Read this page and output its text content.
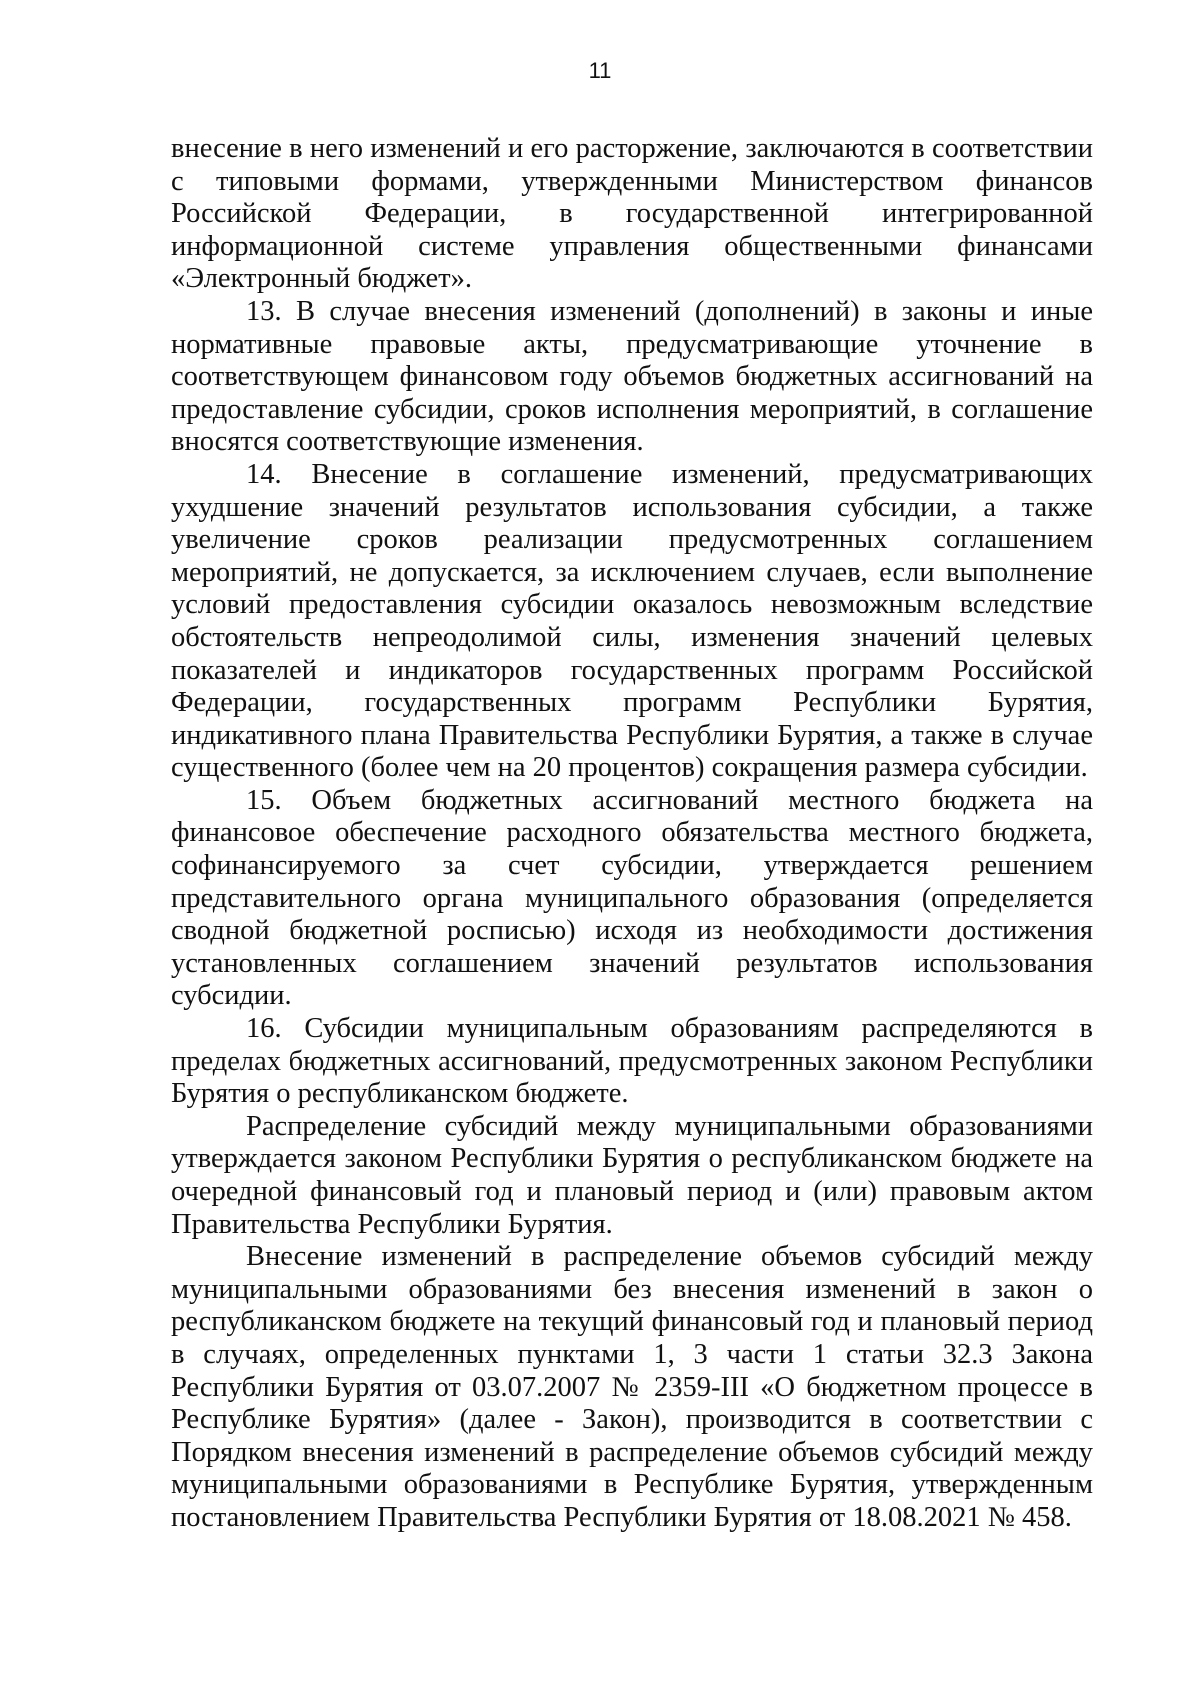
11

внесение в него изменений и его расторжение, заключаются в соответствии с типовыми формами, утвержденными Министерством финансов Российской Федерации, в государственной интегрированной информационной системе управления общественными финансами «Электронный бюджет».

13. В случае внесения изменений (дополнений) в законы и иные нормативные правовые акты, предусматривающие уточнение в соответствующем финансовом году объемов бюджетных ассигнований на предоставление субсидии, сроков исполнения мероприятий, в соглашение вносятся соответствующие изменения.

14. Внесение в соглашение изменений, предусматривающих ухудшение значений результатов использования субсидии, а также увеличение сроков реализации предусмотренных соглашением мероприятий, не допускается, за исключением случаев, если выполнение условий предоставления субсидии оказалось невозможным вследствие обстоятельств непреодолимой силы, изменения значений целевых показателей и индикаторов государственных программ Российской Федерации, государственных программ Республики Бурятия, индикативного плана Правительства Республики Бурятия, а также в случае существенного (более чем на 20 процентов) сокращения размера субсидии.

15. Объем бюджетных ассигнований местного бюджета на финансовое обеспечение расходного обязательства местного бюджета, софинансируемого за счет субсидии, утверждается решением представительного органа муниципального образования (определяется сводной бюджетной росписью) исходя из необходимости достижения установленных соглашением значений результатов использования субсидии.

16. Субсидии муниципальным образованиям распределяются в пределах бюджетных ассигнований, предусмотренных законом Республики Бурятия о республиканском бюджете.

Распределение субсидий между муниципальными образованиями утверждается законом Республики Бурятия о республиканском бюджете на очередной финансовый год и плановый период и (или) правовым актом Правительства Республики Бурятия.

Внесение изменений в распределение объемов субсидий между муниципальными образованиями без внесения изменений в закон о республиканском бюджете на текущий финансовый год и плановый период в случаях, определенных пунктами 1, 3 части 1 статьи 32.3 Закона Республики Бурятия от 03.07.2007 № 2359-III «О бюджетном процессе в Республике Бурятия» (далее - Закон), производится в соответствии с Порядком внесения изменений в распределение объемов субсидий между муниципальными образованиями в Республике Бурятия, утвержденным постановлением Правительства Республики Бурятия от 18.08.2021 № 458.
